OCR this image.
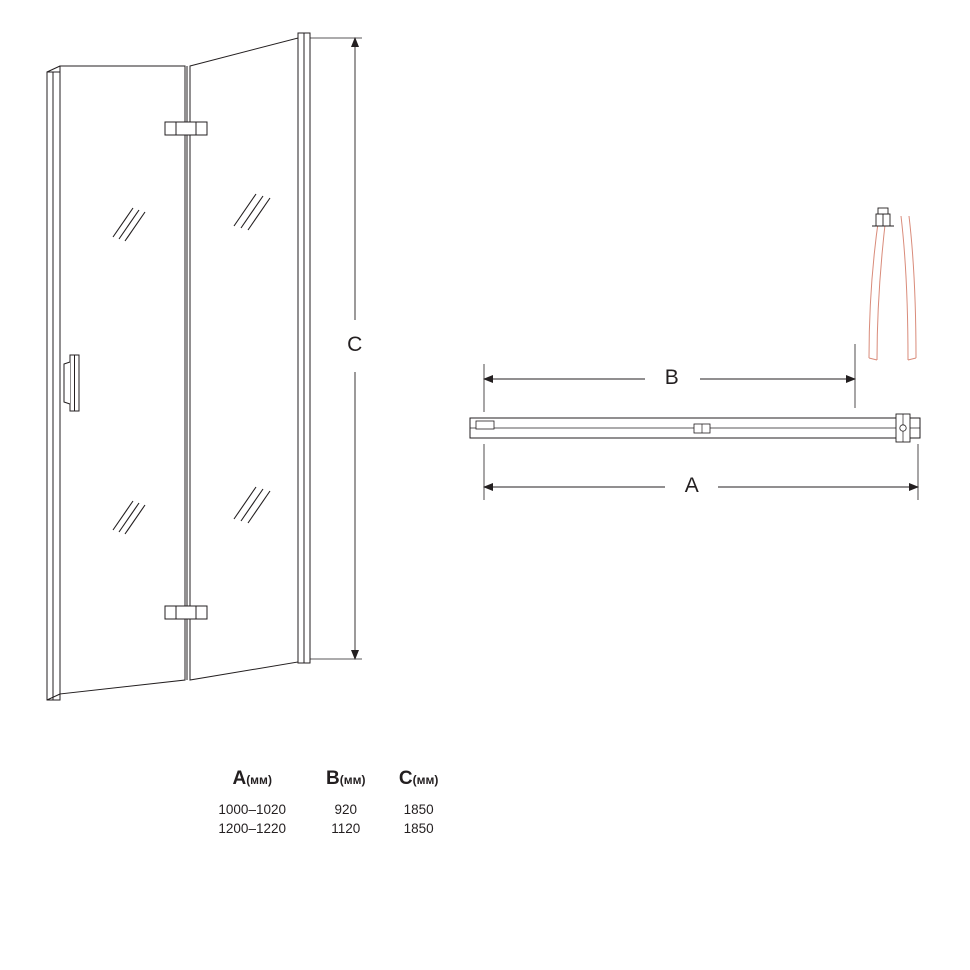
C
B
A
A(мм)	B(мм)	C(мм)
1000–1020	920	1850
1200–1220	1120	1850
